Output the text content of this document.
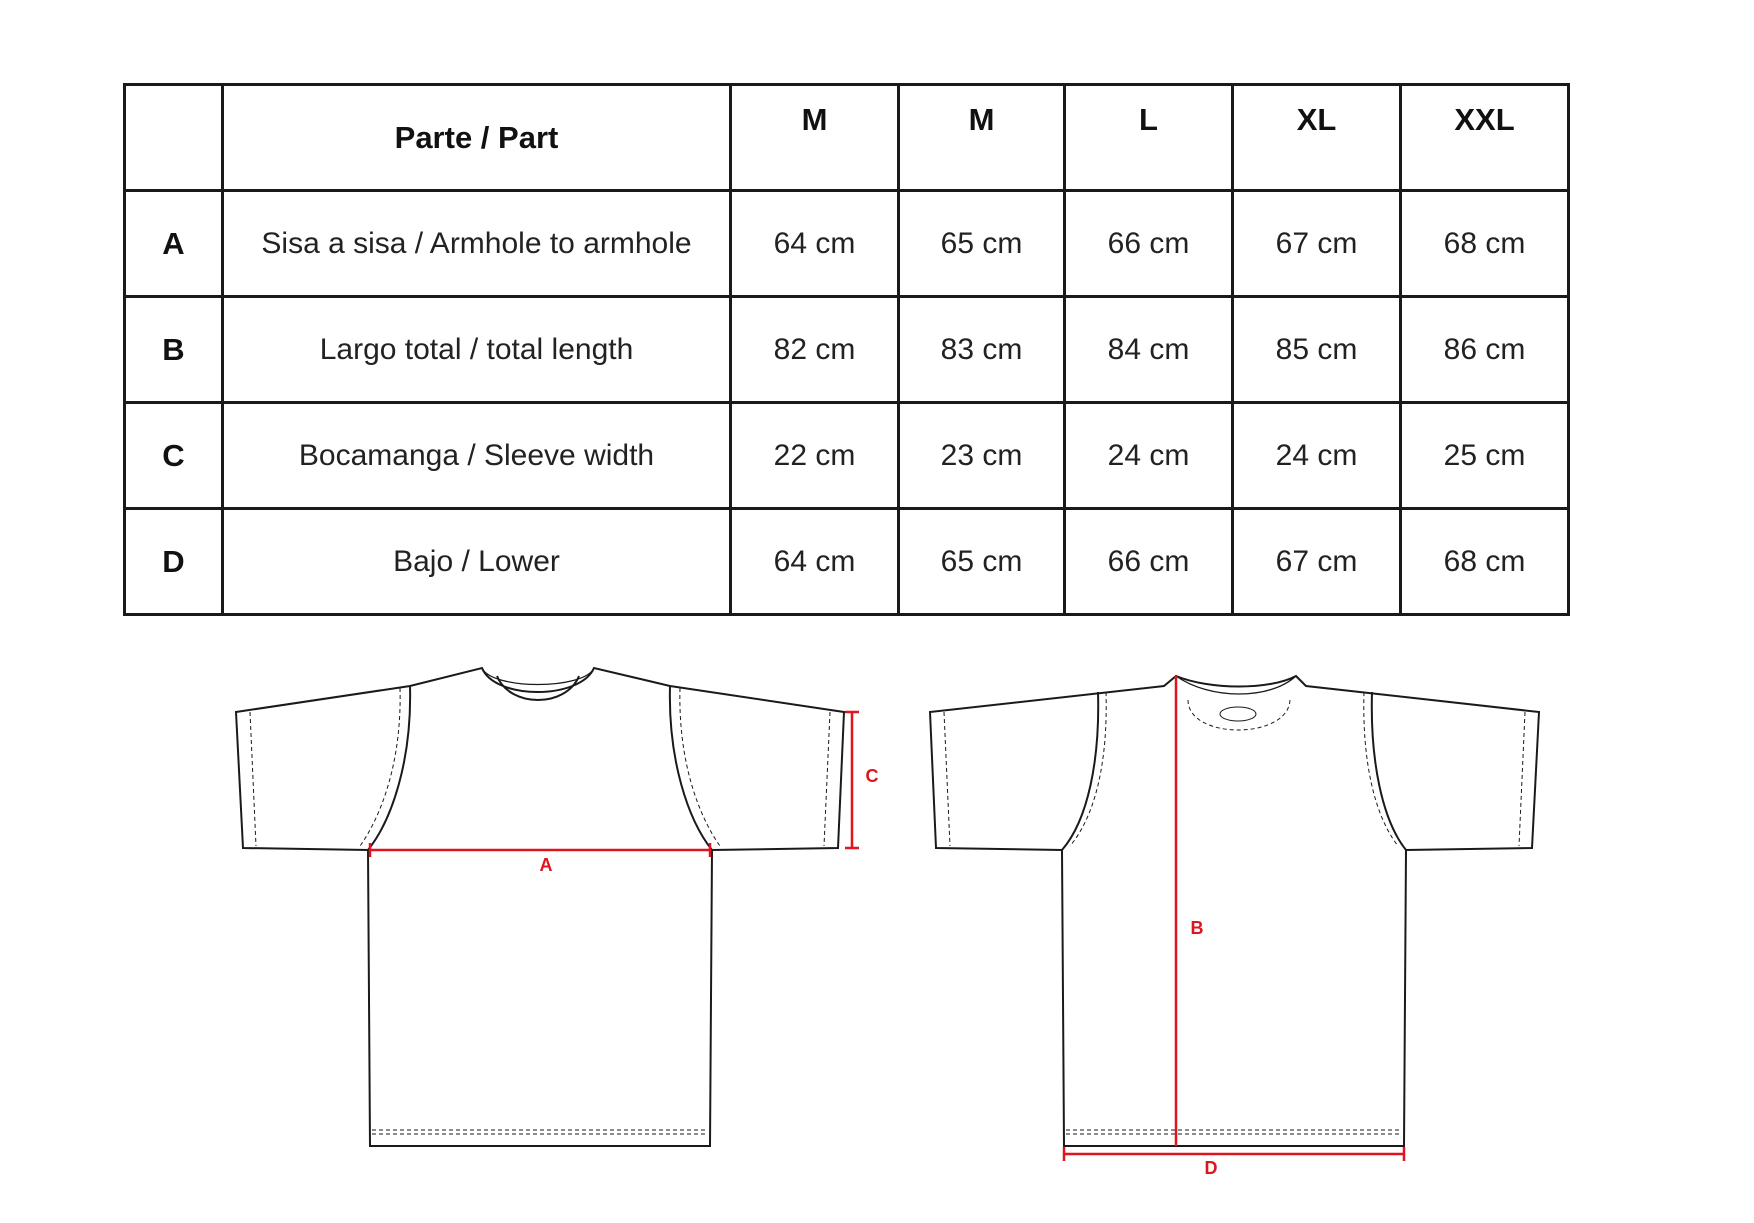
	Parte / Part	M	M	L	XL	XXL
A	Sisa a sisa / Armhole to armhole	64 cm	65 cm	66 cm	67 cm	68 cm
B	Largo total / total length	82 cm	83 cm	84 cm	85 cm	86 cm
C	Bocamanga / Sleeve width	22 cm	23 cm	24 cm	24 cm	25 cm
D	Bajo / Lower	64 cm	65 cm	66 cm	67 cm	68 cm
A
C
B
D
